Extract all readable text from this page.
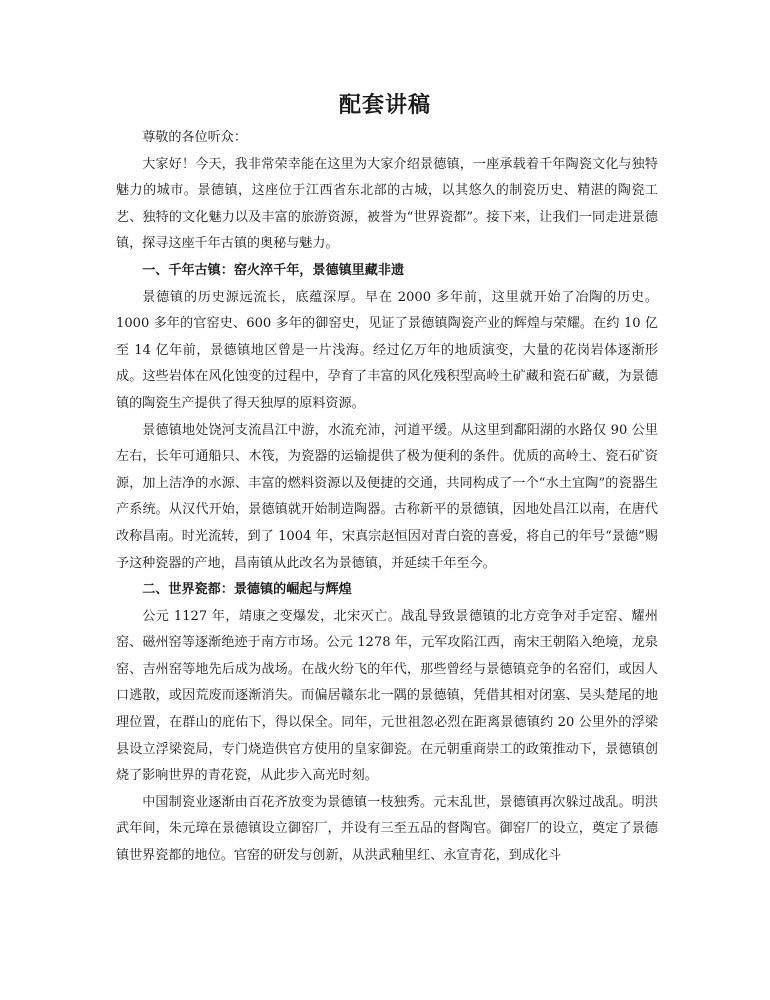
配套讲稿

尊敬的各位听众：

大家好！今天，我非常荣幸能在这里为大家介绍景德镇，一座承载着千年陶瓷文化与独特魅力的城市。景德镇，这座位于江西省东北部的古城，以其悠久的制瓷历史、精湛的陶瓷工艺、独特的文化魅力以及丰富的旅游资源，被誉为“世界瓷都”。接下来，让我们一同走进景德镇，探寻这座千年古镇的奥秘与魅力。

一、千年古镇：窑火淬千年，景德镇里藏非遗

景德镇的历史源远流长，底蕴深厚。早在 2000 多年前，这里就开始了冶陶的历史。1000 多年的官窑史、600 多年的御窑史，见证了景德镇陶瓷产业的辉煌与荣耀。在约 10 亿至 14 亿年前，景德镇地区曾是一片浅海。经过亿万年的地质演变，大量的花岗岩体逐渐形成。这些岩体在风化蚀变的过程中，孕育了丰富的风化残积型高岭土矿藏和瓷石矿藏，为景德镇的陶瓷生产提供了得天独厚的原料资源。

景德镇地处饶河支流昌江中游，水流充沛，河道平缓。从这里到鄱阳湖的水路仅 90 公里左右，长年可通船只、木筏，为瓷器的运输提供了极为便利的条件。优质的高岭土、瓷石矿资源，加上洁净的水源、丰富的燃料资源以及便捷的交通，共同构成了一个“水土宜陶”的瓷器生产系统。从汉代开始，景德镇就开始制造陶器。古称新平的景德镇，因地处昌江以南，在唐代改称昌南。时光流转，到了 1004 年，宋真宗赵恒因对青白瓷的喜爱，将自己的年号“景德”赐予这种瓷器的产地，昌南镇从此改名为景德镇，并延续千年至今。

二、世界瓷都：景德镇的崛起与辉煌

公元 1127 年，靖康之变爆发，北宋灭亡。战乱导致景德镇的北方竞争对手定窑、耀州窑、磁州窑等逐渐绝迹于南方市场。公元 1278 年，元军攻陷江西，南宋王朝陷入绝境，龙泉窑、吉州窑等地先后成为战场。在战火纷飞的年代，那些曾经与景德镇竞争的名窑们，或因人口逃散，或因荒废而逐渐消失。而偏居赣东北一隅的景德镇，凭借其相对闭塞、吴头楚尾的地理位置，在群山的庇佑下，得以保全。同年，元世祖忽必烈在距离景德镇约 20 公里外的浮梁县设立浮梁瓷局，专门烧造供官方使用的皇家御瓷。在元朝重商崇工的政策推动下，景德镇创烧了影响世界的青花瓷，从此步入高光时刻。

中国制瓷业逐渐由百花齐放变为景德镇一枝独秀。元末乱世，景德镇再次躲过战乱。明洪武年间，朱元璋在景德镇设立御窑厂，并设有三至五品的督陶官。御窑厂的设立，奠定了景德镇世界瓷都的地位。官窑的研发与创新，从洪武釉里红、永宣青花，到成化斗
